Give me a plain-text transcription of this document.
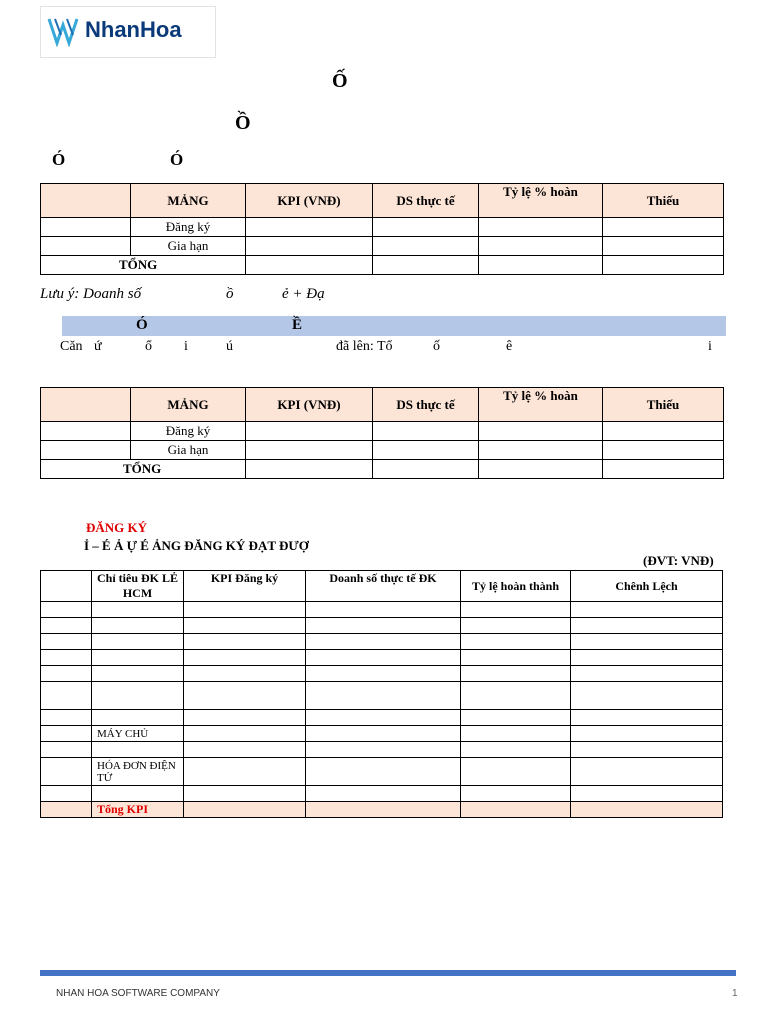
NhanHoa
Ố
Ồ
Ó	Ó
	MẢNG	KPI (VNĐ)	DS thực tế	Tỷ lệ % hoàn	Thiếu
	Đăng ký				
	Gia hạn				
TỔNG					
Lưu ý: Doanh số	ồ	ẻ + Đạ
Ó	Ề
Căn ứ	ổ i	ú	đã lên: Tổ	ố	ê	i
	MẢNG	KPI (VNĐ)	DS thực tế	Tỷ lệ % hoàn	Thiếu
	Đăng ký				
	Gia hạn				
TỔNG					
ĐĂNG KÝ
Ỉ – É Ả Ự É ẢNG ĐĂNG KÝ ĐẠT ĐƯỢ
(ĐVT: VNĐ)
	Chỉ tiêu ĐK LẺ HCM	KPI Đăng ký	Doanh số thực tế ĐK	Tỷ lệ hoàn thành	Chênh Lệch

	MÁY CHỦ				

	HÓA ĐƠN ĐIỆN TỬ				

	Tổng KPI				
NHAN HOA SOFTWARE COMPANY	1
